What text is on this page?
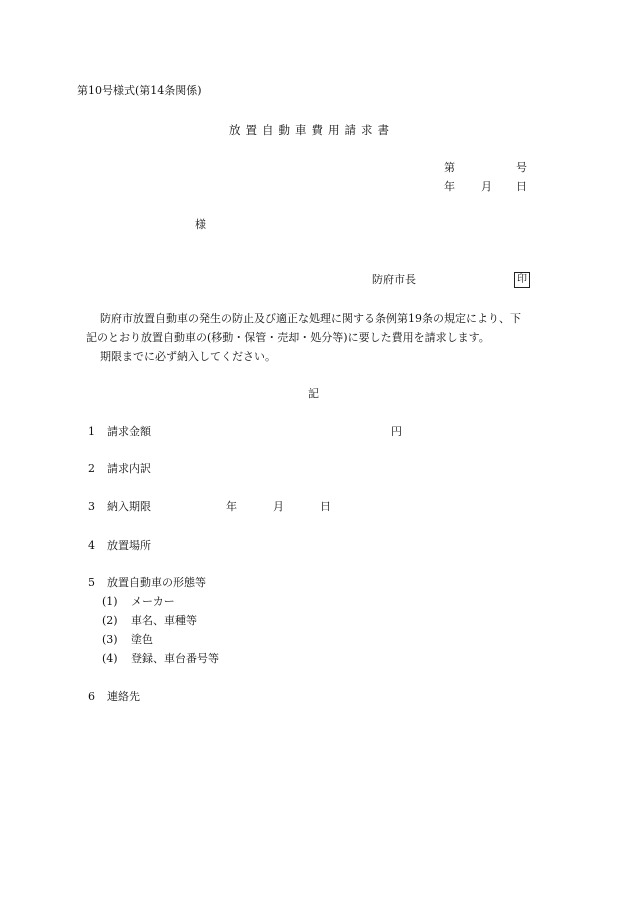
第10号様式(第14条関係)
放置自動車費用請求書
第	号
年 月 日
様
防府市長	印
防府市放置自動車の発生の防止及び適正な処理に関する条例第19条の規定により、下
記のとおり放置自動車の(移動・保管・売却・処分等)に要した費用を請求します。
期限までに必ず納入してください。
記
1 請求金額	円
2 請求内訳
3 納入期限	年	月	日
4 放置場所
5 放置自動車の形態等
(1) メーカー
(2) 車名、車種等
(3) 塗色
(4) 登録、車台番号等
6 連絡先
